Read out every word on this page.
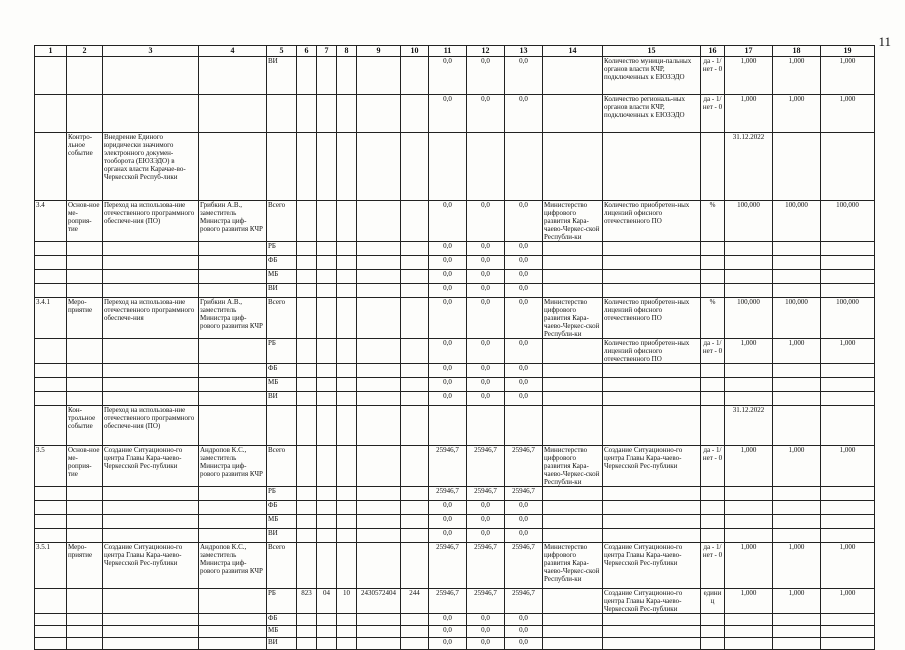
11
1	2	3	4	5	6	7	8	9	10	11	12	13	14	15	16	17	18	19
				ВИ						0,0	0,0	0,0		Количество муници-пальных органов власти КЧР, подключенных к ЕЮЗЭДО	да - 1/ нет - 0	1,000	1,000	1,000
										0,0	0,0	0,0		Количество региональ-ных органов власти КЧР, подключенных к ЕЮЗЭДО	да - 1/ нет - 0	1,000	1,000	1,000
	Контро-льное событие	Внедрение Единого юридически значимого электронного докумен-тооборота (ЕЮЗЭДО) в органах власти Карачае-во-Черкесской Респуб-лики														31.12.2022		
3.4	Основ-ное ме-роприя-тие	Переход на использова-ние отечественного программного обеспече-ния (ПО)	Грибкин А.В., заместитель Министра циф-рового развития КЧР	Всего						0,0	0,0	0,0	Министерство цифрового развития Кара-чаево-Черкес-ской Республи-ки	Количество приобретен-ных лицензий офисного отечественного ПО	%	100,000	100,000	100,000
				РБ						0,0	0,0	0,0						
				ФБ						0,0	0,0	0,0						
				МБ						0,0	0,0	0,0						
				ВИ						0,0	0,0	0,0						
3.4.1	Меро-приятие	Переход на использова-ние отечественного программного обеспече-ния	Грибкин А.В., заместитель Министра циф-рового развития КЧР	Всего						0,0	0,0	0,0	Министерство цифрового развития Кара-чаево-Черкес-ской Республи-ки	Количество приобретен-ных лицензий офисного отечественного ПО	%	100,000	100,000	100,000
				РБ						0,0	0,0	0,0		Количество приобретен-ных лицензий офисного отечественного ПО	да - 1/ нет - 0	1,000	1,000	1,000
				ФБ						0,0	0,0	0,0						
				МБ						0,0	0,0	0,0						
				ВИ						0,0	0,0	0,0						
	Кон-трольное событие	Переход на использова-ние отечественного программного обеспече-ния (ПО)														31.12.2022		
3.5	Основ-ное ме-роприя-тие	Создание Ситуационно-го центра Главы Кара-чаево-Черкесской Рес-публики	Андропов К.С., заместитель Министра циф-рового развития КЧР	Всего						25946,7	25946,7	25946,7	Министерство цифрового развития Кара-чаево-Черкес-ской Республи-ки	Создание Ситуационно-го центра Главы Кара-чаево-Черкесской Рес-публики	да - 1/ нет - 0	1,000	1,000	1,000
				РБ						25946,7	25946,7	25946,7						
				ФБ						0,0	0,0	0,0						
				МБ						0,0	0,0	0,0						
				ВИ						0,0	0,0	0,0						
3.5.1	Меро-приятие	Создание Ситуационно-го центра Главы Кара-чаево-Черкесской Рес-публики	Андропов К.С., заместитель Министра циф-рового развития КЧР	Всего						25946,7	25946,7	25946,7	Министерство цифрового развития Кара-чаево-Черкес-ской Республи-ки	Создание Ситуационно-го центра Главы Кара-чаево-Черкесской Рес-публики	да - 1/ нет - 0	1,000	1,000	1,000
				РБ	823	04	10	2430572404	244	25946,7	25946,7	25946,7		Создание Ситуационно-го центра Главы Кара-чаево-Черкесской Рес-публики	единиц	1,000	1,000	1,000
				ФБ						0,0	0,0	0,0						
				МБ						0,0	0,0	0,0						
				ВИ						0,0	0,0	0,0						
